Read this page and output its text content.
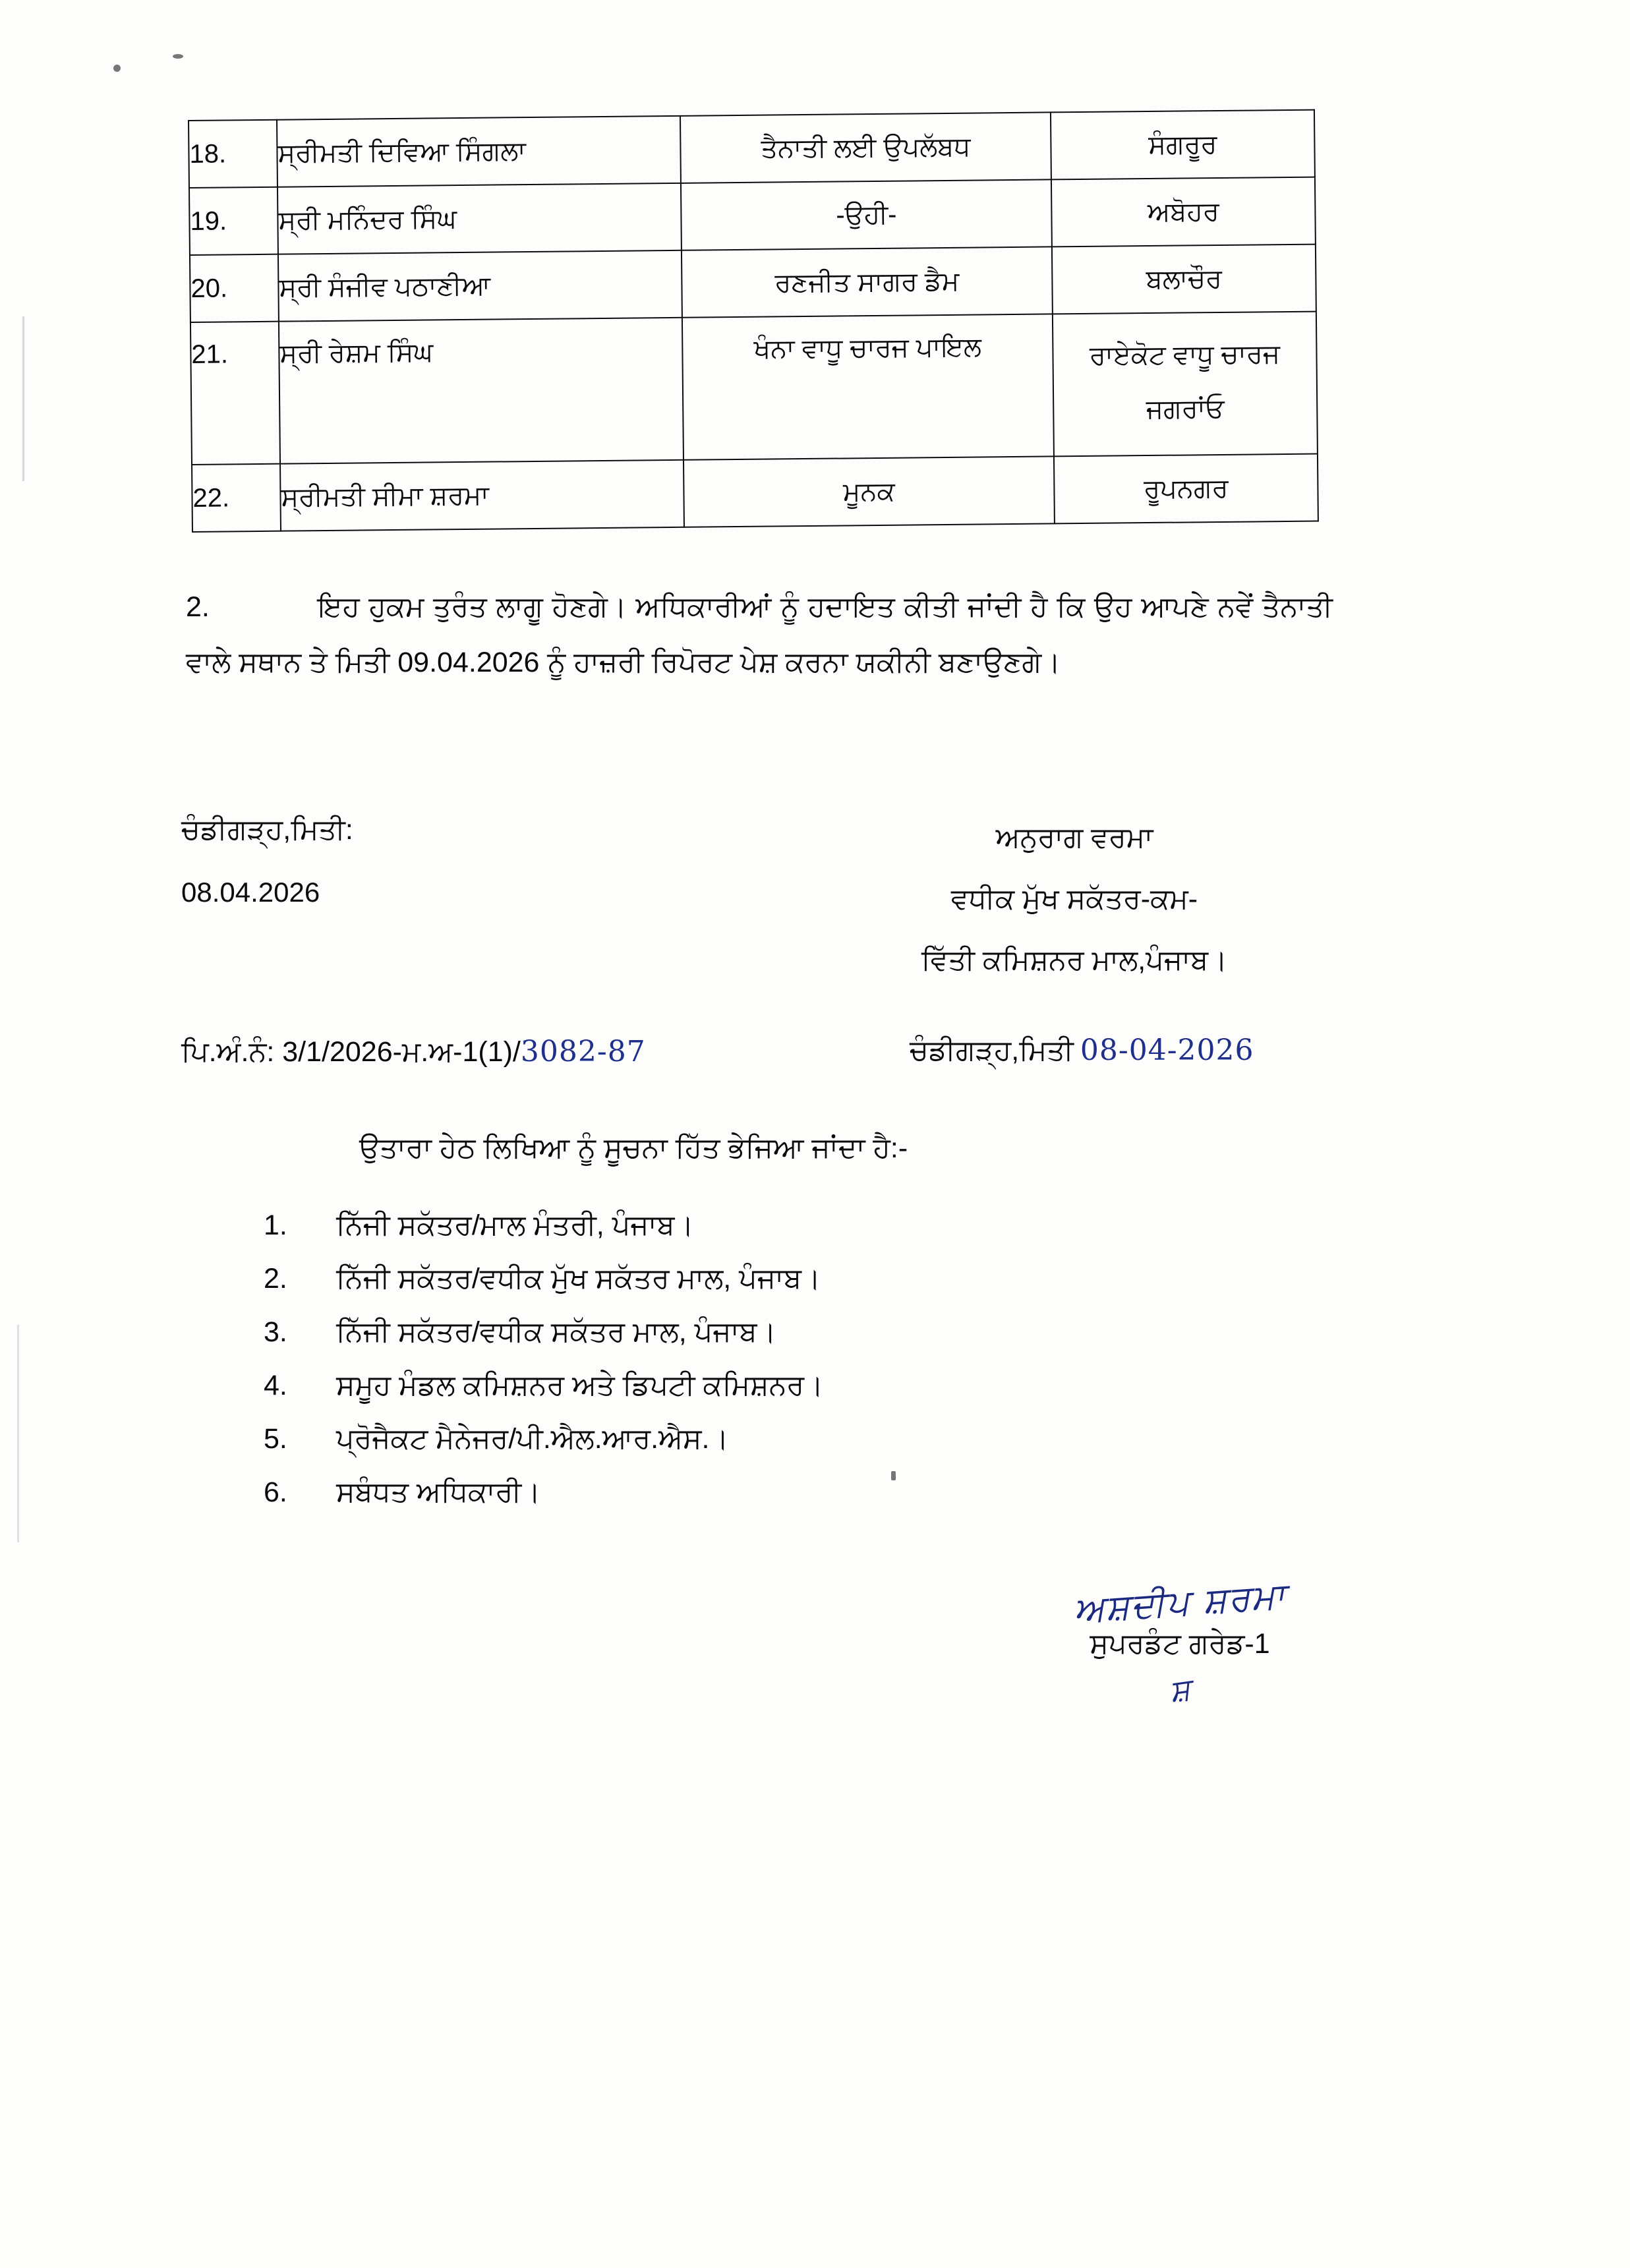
18.	ਸ੍ਰੀਮਤੀ ਦਿਵਿਆ ਸਿੰਗਲਾ	ਤੈਨਾਤੀ ਲਈ ਉਪਲੱਬਧ	ਸੰਗਰੂਰ
19.	ਸ੍ਰੀ ਮਨਿੰਦਰ ਸਿੰਘ	-ਉਹੀ-	ਅਬੋਹਰ
20.	ਸ੍ਰੀ ਸੰਜੀਵ ਪਠਾਣੀਆ	ਰਣਜੀਤ ਸਾਗਰ ਡੈਮ	ਬਲਾਚੌਰ
21.	ਸ੍ਰੀ ਰੇਸ਼ਮ ਸਿੰਘ	ਖੰਨਾ ਵਾਧੂ ਚਾਰਜ ਪਾਇਲ	ਰਾਏਕੋਟ ਵਾਧੂ ਚਾਰਜ ਜਗਰਾਂਓ
22.	ਸ੍ਰੀਮਤੀ ਸੀਮਾ ਸ਼ਰਮਾ	ਮੂਨਕ	ਰੂਪਨਗਰ
2.	ਇਹ ਹੁਕਮ ਤੁਰੰਤ ਲਾਗੂ ਹੋਣਗੇ। ਅਧਿਕਾਰੀਆਂ ਨੂੰ ਹਦਾਇਤ ਕੀਤੀ ਜਾਂਦੀ ਹੈ ਕਿ ਉਹ ਆਪਣੇ ਨਵੇਂ ਤੈਨਾਤੀ ਵਾਲੇ ਸਥਾਨ ਤੇ ਮਿਤੀ 09.04.2026 ਨੂੰ ਹਾਜ਼ਰੀ ਰਿਪੋਰਟ ਪੇਸ਼ ਕਰਨਾ ਯਕੀਨੀ ਬਣਾਉਣਗੇ।
ਚੰਡੀਗੜ੍ਹ,ਮਿਤੀ:
08.04.2026
ਅਨੁਰਾਗ ਵਰਮਾ
ਵਧੀਕ ਮੁੱਖ ਸਕੱਤਰ-ਕਮ-
ਵਿੱਤੀ ਕਮਿਸ਼ਨਰ ਮਾਲ,ਪੰਜਾਬ।
ਪਿ.ਅੰ.ਨੰ: 3/1/2026-ਮ.ਅ-1(1)/3082-87	ਚੰਡੀਗੜ੍ਹ,ਮਿਤੀ 08-04-2026
ਉਤਾਰਾ ਹੇਠ ਲਿਖਿਆ ਨੂੰ ਸੂਚਨਾ ਹਿੱਤ ਭੇਜਿਆ ਜਾਂਦਾ ਹੈ:-
1.	ਨਿੱਜੀ ਸਕੱਤਰ/ਮਾਲ ਮੰਤਰੀ, ਪੰਜਾਬ।
2.	ਨਿੱਜੀ ਸਕੱਤਰ/ਵਧੀਕ ਮੁੱਖ ਸਕੱਤਰ ਮਾਲ, ਪੰਜਾਬ।
3.	ਨਿੱਜੀ ਸਕੱਤਰ/ਵਧੀਕ ਸਕੱਤਰ ਮਾਲ, ਪੰਜਾਬ।
4.	ਸਮੂਹ ਮੰਡਲ ਕਮਿਸ਼ਨਰ ਅਤੇ ਡਿਪਟੀ ਕਮਿਸ਼ਨਰ।
5.	ਪ੍ਰੋਜੈਕਟ ਮੈਨੇਜਰ/ਪੀ.ਐਲ.ਆਰ.ਐਸ.।
6.	ਸਬੰਧਤ ਅਧਿਕਾਰੀ।
ਅਸ਼ਦੀਪ ਸ਼ਰਮਾ
ਸੁਪਰਡੰਟ ਗਰੇਡ-1
ਸ਼
